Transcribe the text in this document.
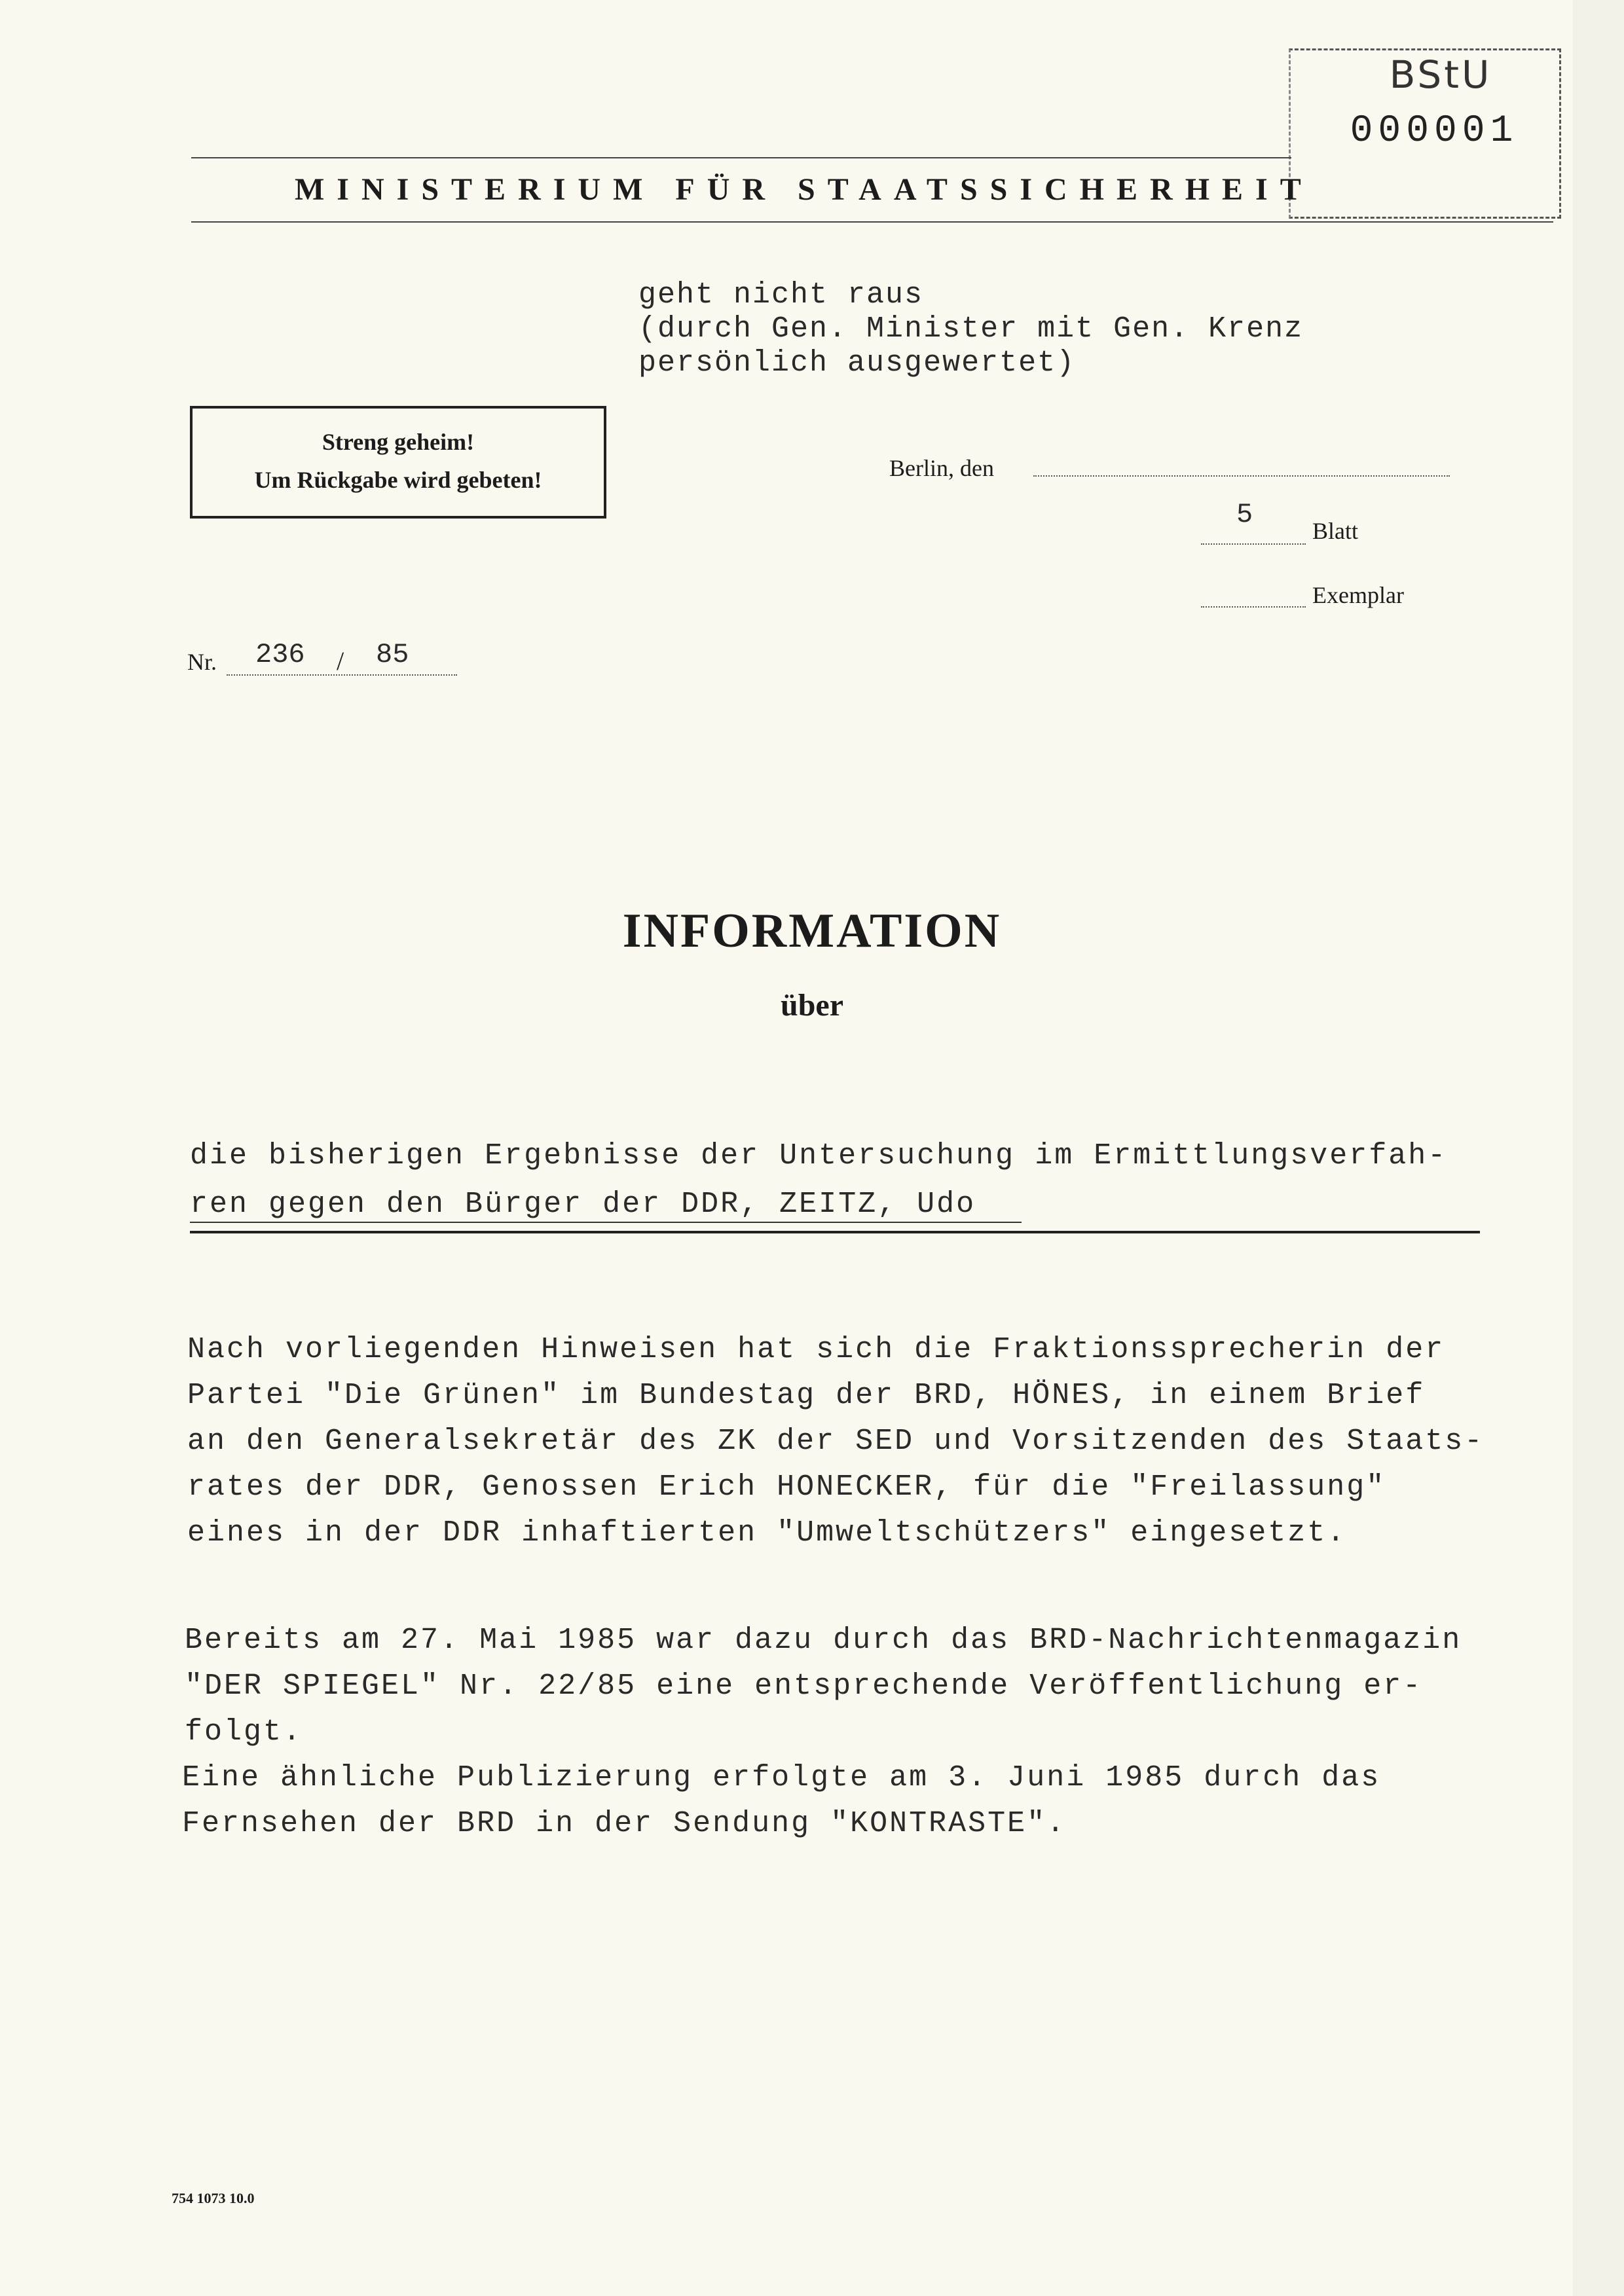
BStU
000001
MINISTERIUM FÜR STAATSSICHERHEIT
geht nicht raus
(durch Gen. Minister mit Gen. Krenz
persönlich ausgewertet)
Streng geheim!
Um Rückgabe wird gebeten!	Berlin, den
5
Blatt
Exemplar
Nr. 236 / 85
INFORMATION
über
die bisherigen Ergebnisse der Untersuchung im Ermittlungsverfah-
ren gegen den Bürger der DDR, ZEITZ, Udo
Nach vorliegenden Hinweisen hat sich die Fraktionssprecherin der
Partei "Die Grünen" im Bundestag der BRD, HÖNES, in einem Brief
an den Generalsekretär des ZK der SED und Vorsitzenden des Staats-
rates der DDR, Genossen Erich HONECKER, für die "Freilassung"
eines in der DDR inhaftierten "Umweltschützers" eingesetzt.
Bereits am 27. Mai 1985 war dazu durch das BRD-Nachrichtenmagazin
"DER SPIEGEL" Nr. 22/85 eine entsprechende Veröffentlichung er-
folgt.
Eine ähnliche Publizierung erfolgte am 3. Juni 1985 durch das
Fernsehen der BRD in der Sendung "KONTRASTE".
754 1073 10.0
